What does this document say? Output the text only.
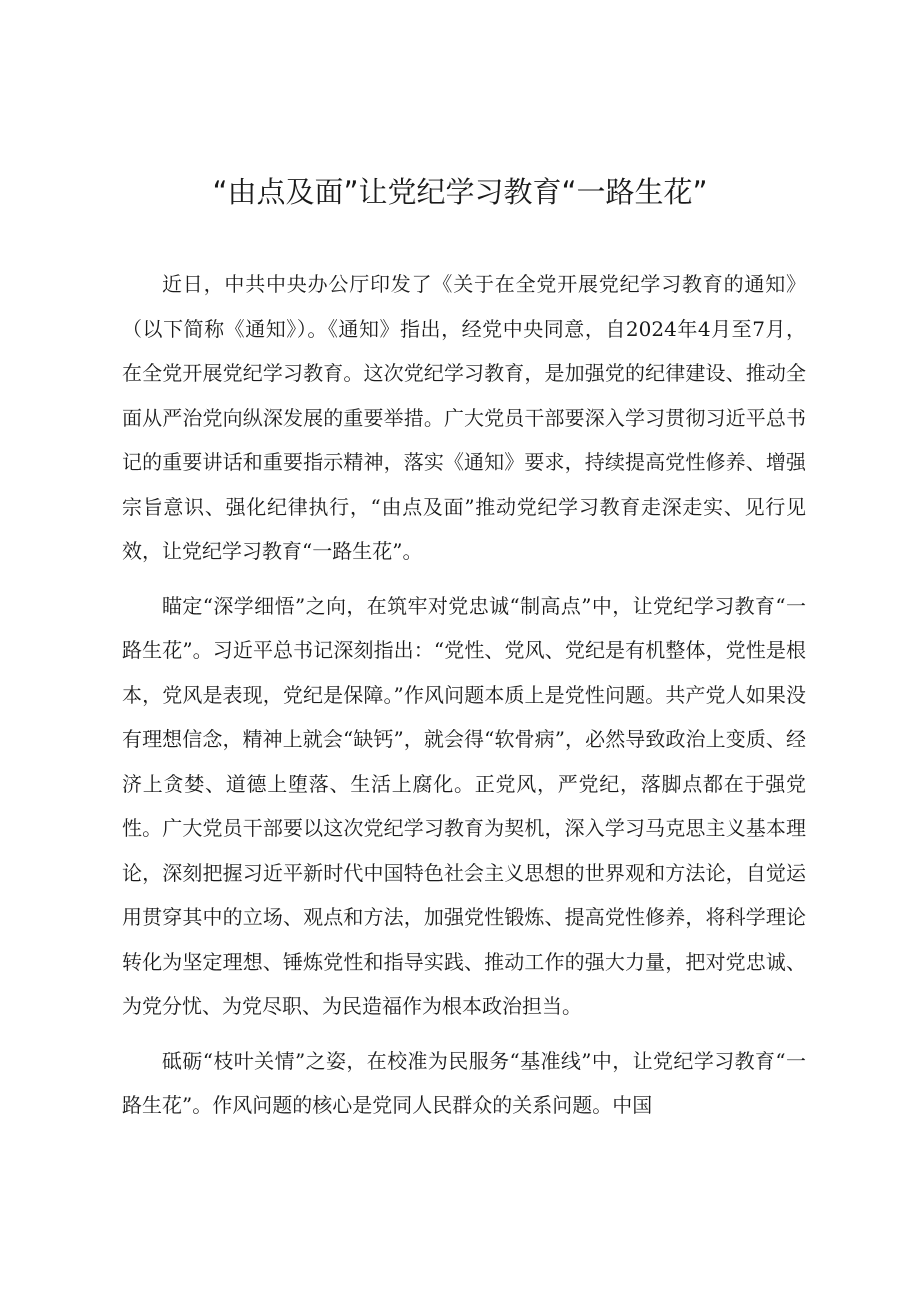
“由点及面”让党纪学习教育“一路生花”

近日，中共中央办公厅印发了《关于在全党开展党纪学习教育的通知》（以下简称《通知》）。《通知》指出，经党中央同意，自2024年4月至7月，在全党开展党纪学习教育。这次党纪学习教育，是加强党的纪律建设、推动全面从严治党向纵深发展的重要举措。广大党员干部要深入学习贯彻习近平总书记的重要讲话和重要指示精神，落实《通知》要求，持续提高党性修养、增强宗旨意识、强化纪律执行，“由点及面”推动党纪学习教育走深走实、见行见效，让党纪学习教育“一路生花”。

瞄定“深学细悟”之向，在筑牢对党忠诚“制高点”中，让党纪学习教育“一路生花”。习近平总书记深刻指出：“党性、党风、党纪是有机整体，党性是根本，党风是表现，党纪是保障。”作风问题本质上是党性问题。共产党人如果没有理想信念，精神上就会“缺钙”，就会得“软骨病”，必然导致政治上变质、经济上贪婪、道德上堕落、生活上腐化。正党风，严党纪，落脚点都在于强党性。广大党员干部要以这次党纪学习教育为契机，深入学习马克思主义基本理论，深刻把握习近平新时代中国特色社会主义思想的世界观和方法论，自觉运用贯穿其中的立场、观点和方法，加强党性锻炼、提高党性修养，将科学理论转化为坚定理想、锤炼党性和指导实践、推动工作的强大力量，把对党忠诚、为党分忧、为党尽职、为民造福作为根本政治担当。

砥砺“枝叶关情”之姿，在校准为民服务“基准线”中，让党纪学习教育“一路生花”。作风问题的核心是党同人民群众的关系问题。中国
